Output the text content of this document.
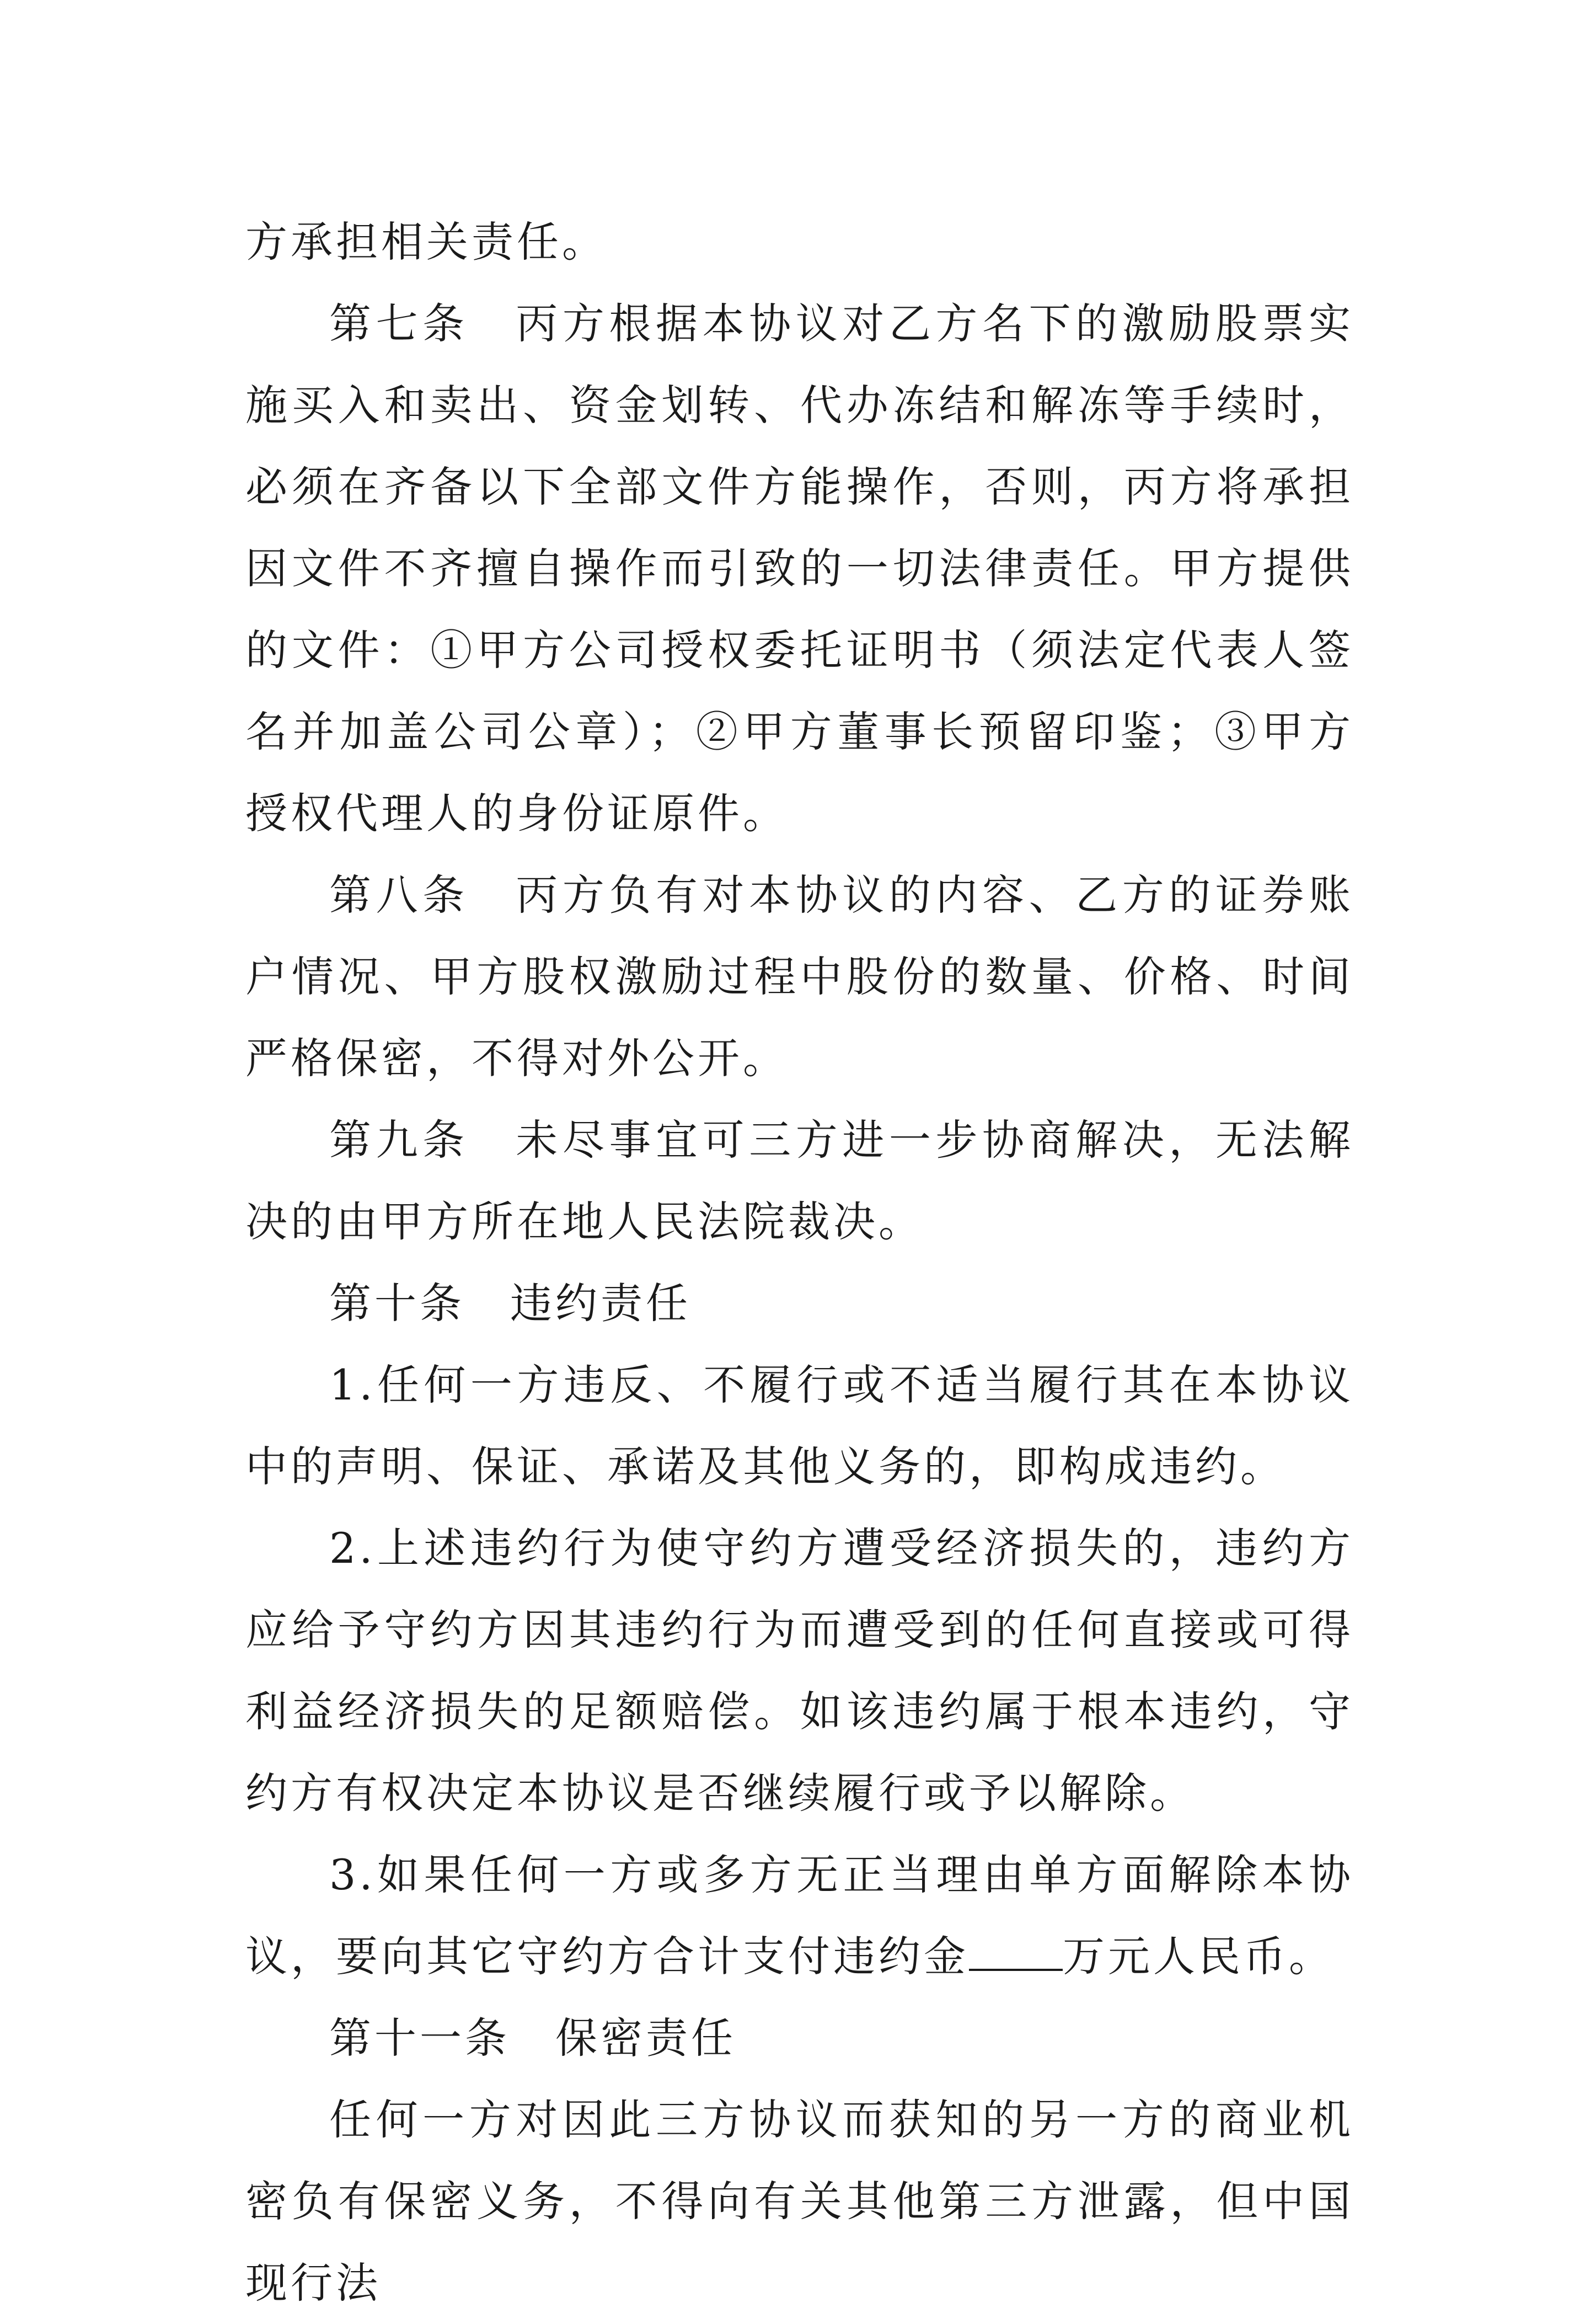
方承担相关责任。

第七条　丙方根据本协议对乙方名下的激励股票实施买入和卖出、资金划转、代办冻结和解冻等手续时，必须在齐备以下全部文件方能操作，否则，丙方将承担因文件不齐擅自操作而引致的一切法律责任。甲方提供的文件：①甲方公司授权委托证明书（须法定代表人签名并加盖公司公章）；②甲方董事长预留印鉴；③甲方授权代理人的身份证原件。

第八条　丙方负有对本协议的内容、乙方的证券账户情况、甲方股权激励过程中股份的数量、价格、时间严格保密，不得对外公开。

第九条　未尽事宜可三方进一步协商解决，无法解决的由甲方所在地人民法院裁决。

第十条　违约责任

1.任何一方违反、不履行或不适当履行其在本协议中的声明、保证、承诺及其他义务的，即构成违约。

2.上述违约行为使守约方遭受经济损失的，违约方应给予守约方因其违约行为而遭受到的任何直接或可得利益经济损失的足额赔偿。如该违约属于根本违约，守约方有权决定本协议是否继续履行或予以解除。

3.如果任何一方或多方无正当理由单方面解除本协议，要向其它守约方合计支付违约金 万元人民币。

第十一条　保密责任

任何一方对因此三方协议而获知的另一方的商业机密负有保密义务，不得向有关其他第三方泄露，但中国现行法
